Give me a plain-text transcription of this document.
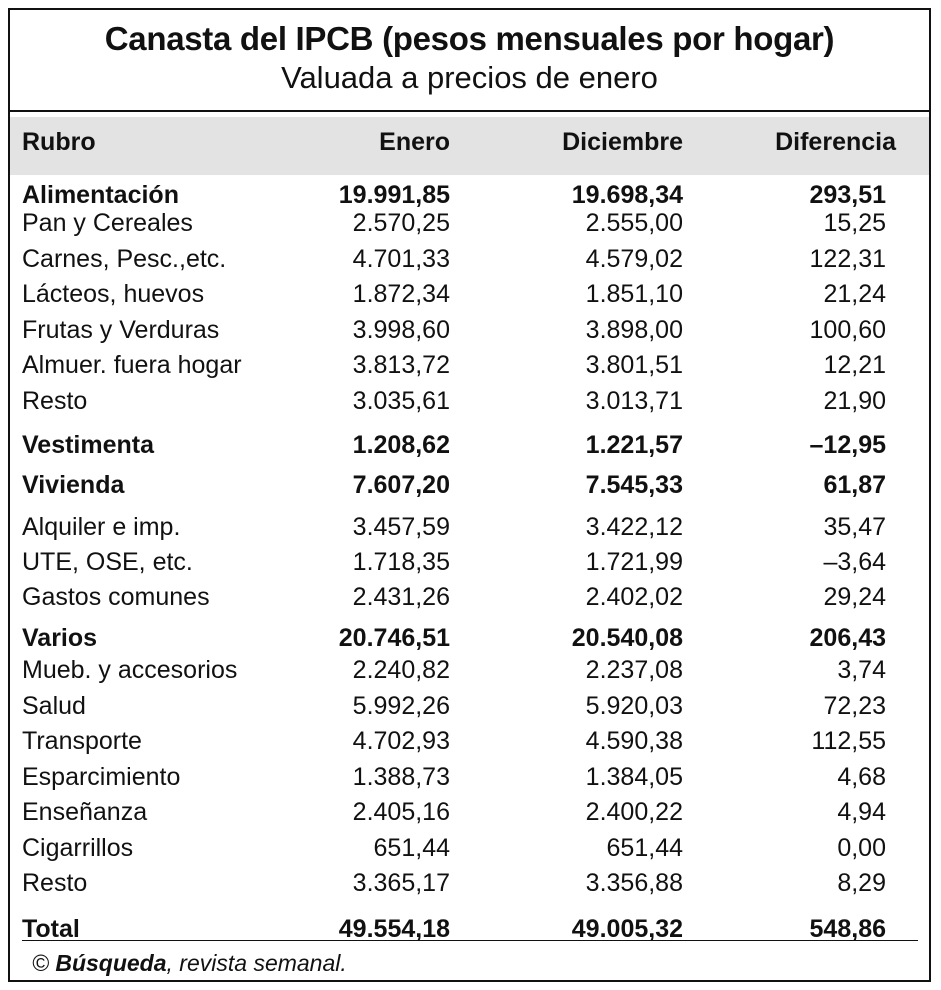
Canasta del IPCB (pesos mensuales por hogar)
Valuada a precios de enero
Rubro	Enero	Diciembre	Diferencia
Alimentación	19.991,85	19.698,34	293,51
Pan y Cereales	2.570,25	2.555,00	15,25
Carnes, Pesc.,etc.	4.701,33	4.579,02	122,31
Lácteos, huevos	1.872,34	1.851,10	21,24
Frutas y Verduras	3.998,60	3.898,00	100,60
Almuer. fuera hogar	3.813,72	3.801,51	12,21
Resto	3.035,61	3.013,71	21,90
Vestimenta	1.208,62	1.221,57	–12,95
Vivienda	7.607,20	7.545,33	61,87
Alquiler e imp.	3.457,59	3.422,12	35,47
UTE, OSE, etc.	1.718,35	1.721,99	–3,64
Gastos comunes	2.431,26	2.402,02	29,24
Varios	20.746,51	20.540,08	206,43
Mueb. y accesorios	2.240,82	2.237,08	3,74
Salud	5.992,26	5.920,03	72,23
Transporte	4.702,93	4.590,38	112,55
Esparcimiento	1.388,73	1.384,05	4,68
Enseñanza	2.405,16	2.400,22	4,94
Cigarrillos	651,44	651,44	0,00
Resto	3.365,17	3.356,88	8,29
Total	49.554,18	49.005,32	548,86
© Búsqueda, revista semanal.
